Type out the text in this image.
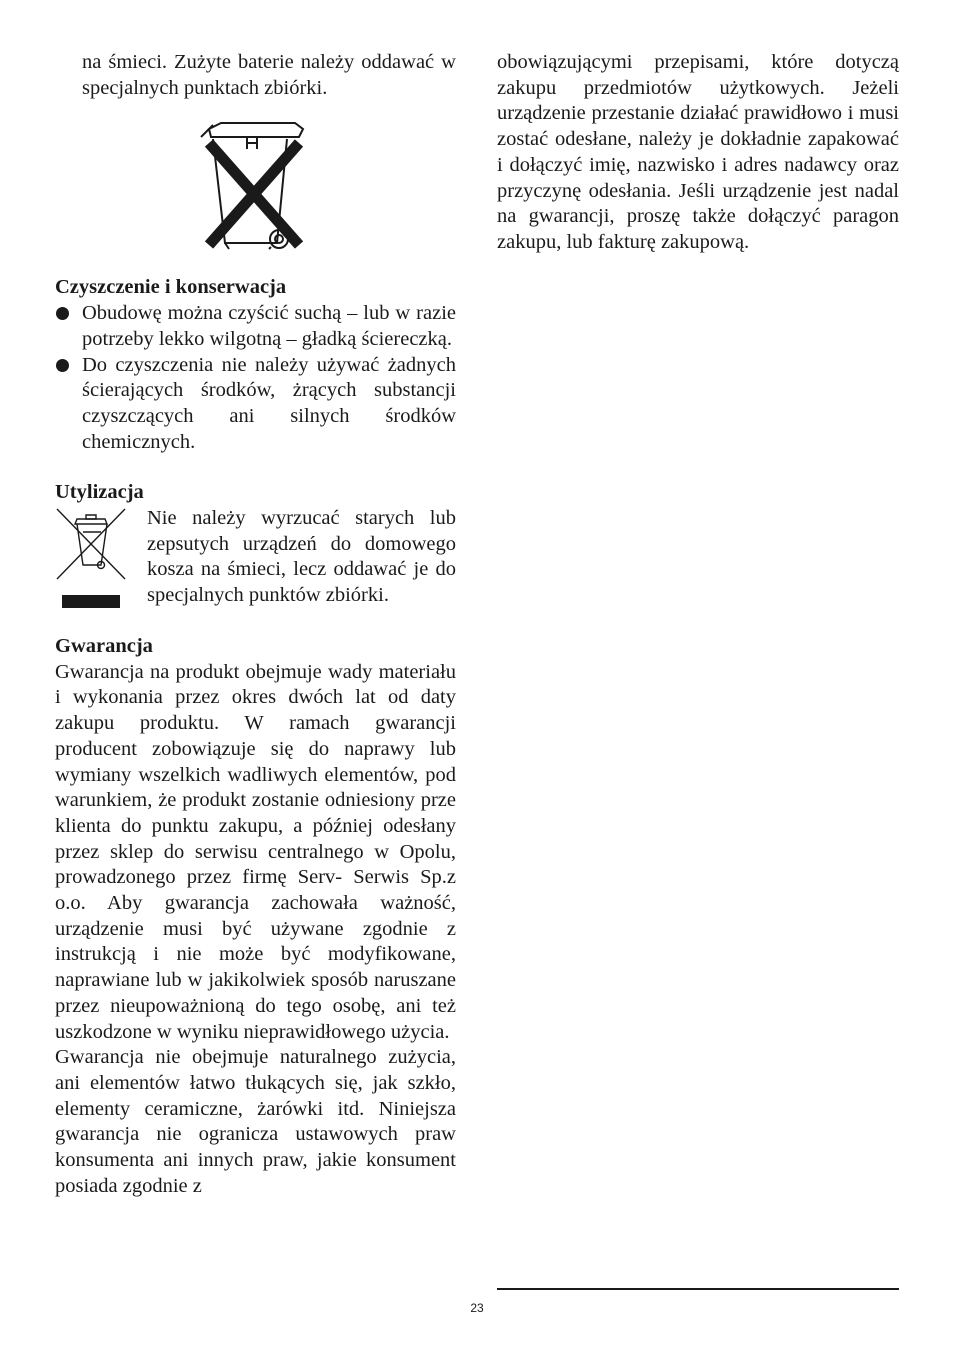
na śmieci. Zużyte baterie należy oddawać w specjalnych punktach zbiórki.

Czyszczenie i konserwacja

Obudowę można czyścić suchą – lub w razie potrzeby lekko wilgotną – gładką ściereczką.

Do czyszczenia nie należy używać żadnych ścierających środków, żrących substancji czyszczących ani silnych środków chemicznych.

Utylizacja

Nie należy wyrzucać starych lub zepsutych urządzeń do domowego kosza na śmieci, lecz oddawać je do specjalnych punktów zbiórki.

Gwarancja

Gwarancja na produkt obejmuje wady materiału i wykonania przez okres dwóch lat od daty zakupu produktu. W ramach gwarancji producent zobowiązuje się do naprawy lub wymiany wszelkich wadliwych elementów, pod warunkiem, że produkt zostanie odniesiony prze klienta do punktu zakupu, a później odesłany przez sklep do serwisu centralnego w Opolu, prowadzonego przez firmę Serv- Serwis Sp.z o.o. Aby gwarancja zachowała ważność, urządzenie musi być używane zgodnie z instrukcją i nie może być modyfikowane, naprawiane lub w jakikolwiek sposób naruszane przez nieupoważnioną do tego osobę, ani też uszkodzone w wyniku nieprawidłowego użycia.

Gwarancja nie obejmuje naturalnego zużycia, ani elementów łatwo tłukących się, jak szkło, elementy ceramiczne, żarówki itd. Niniejsza gwarancja nie ogranicza ustawowych praw konsumenta ani innych praw, jakie konsument posiada zgodnie z

obowiązującymi przepisami, które dotyczą zakupu przedmiotów użytkowych. Jeżeli urządzenie przestanie działać prawidłowo i musi zostać odesłane, należy je dokładnie zapakować i dołączyć imię, nazwisko i adres nadawcy oraz przyczynę odesłania. Jeśli urządzenie jest nadal na gwarancji, proszę także dołączyć paragon zakupu, lub fakturę zakupową.

23
